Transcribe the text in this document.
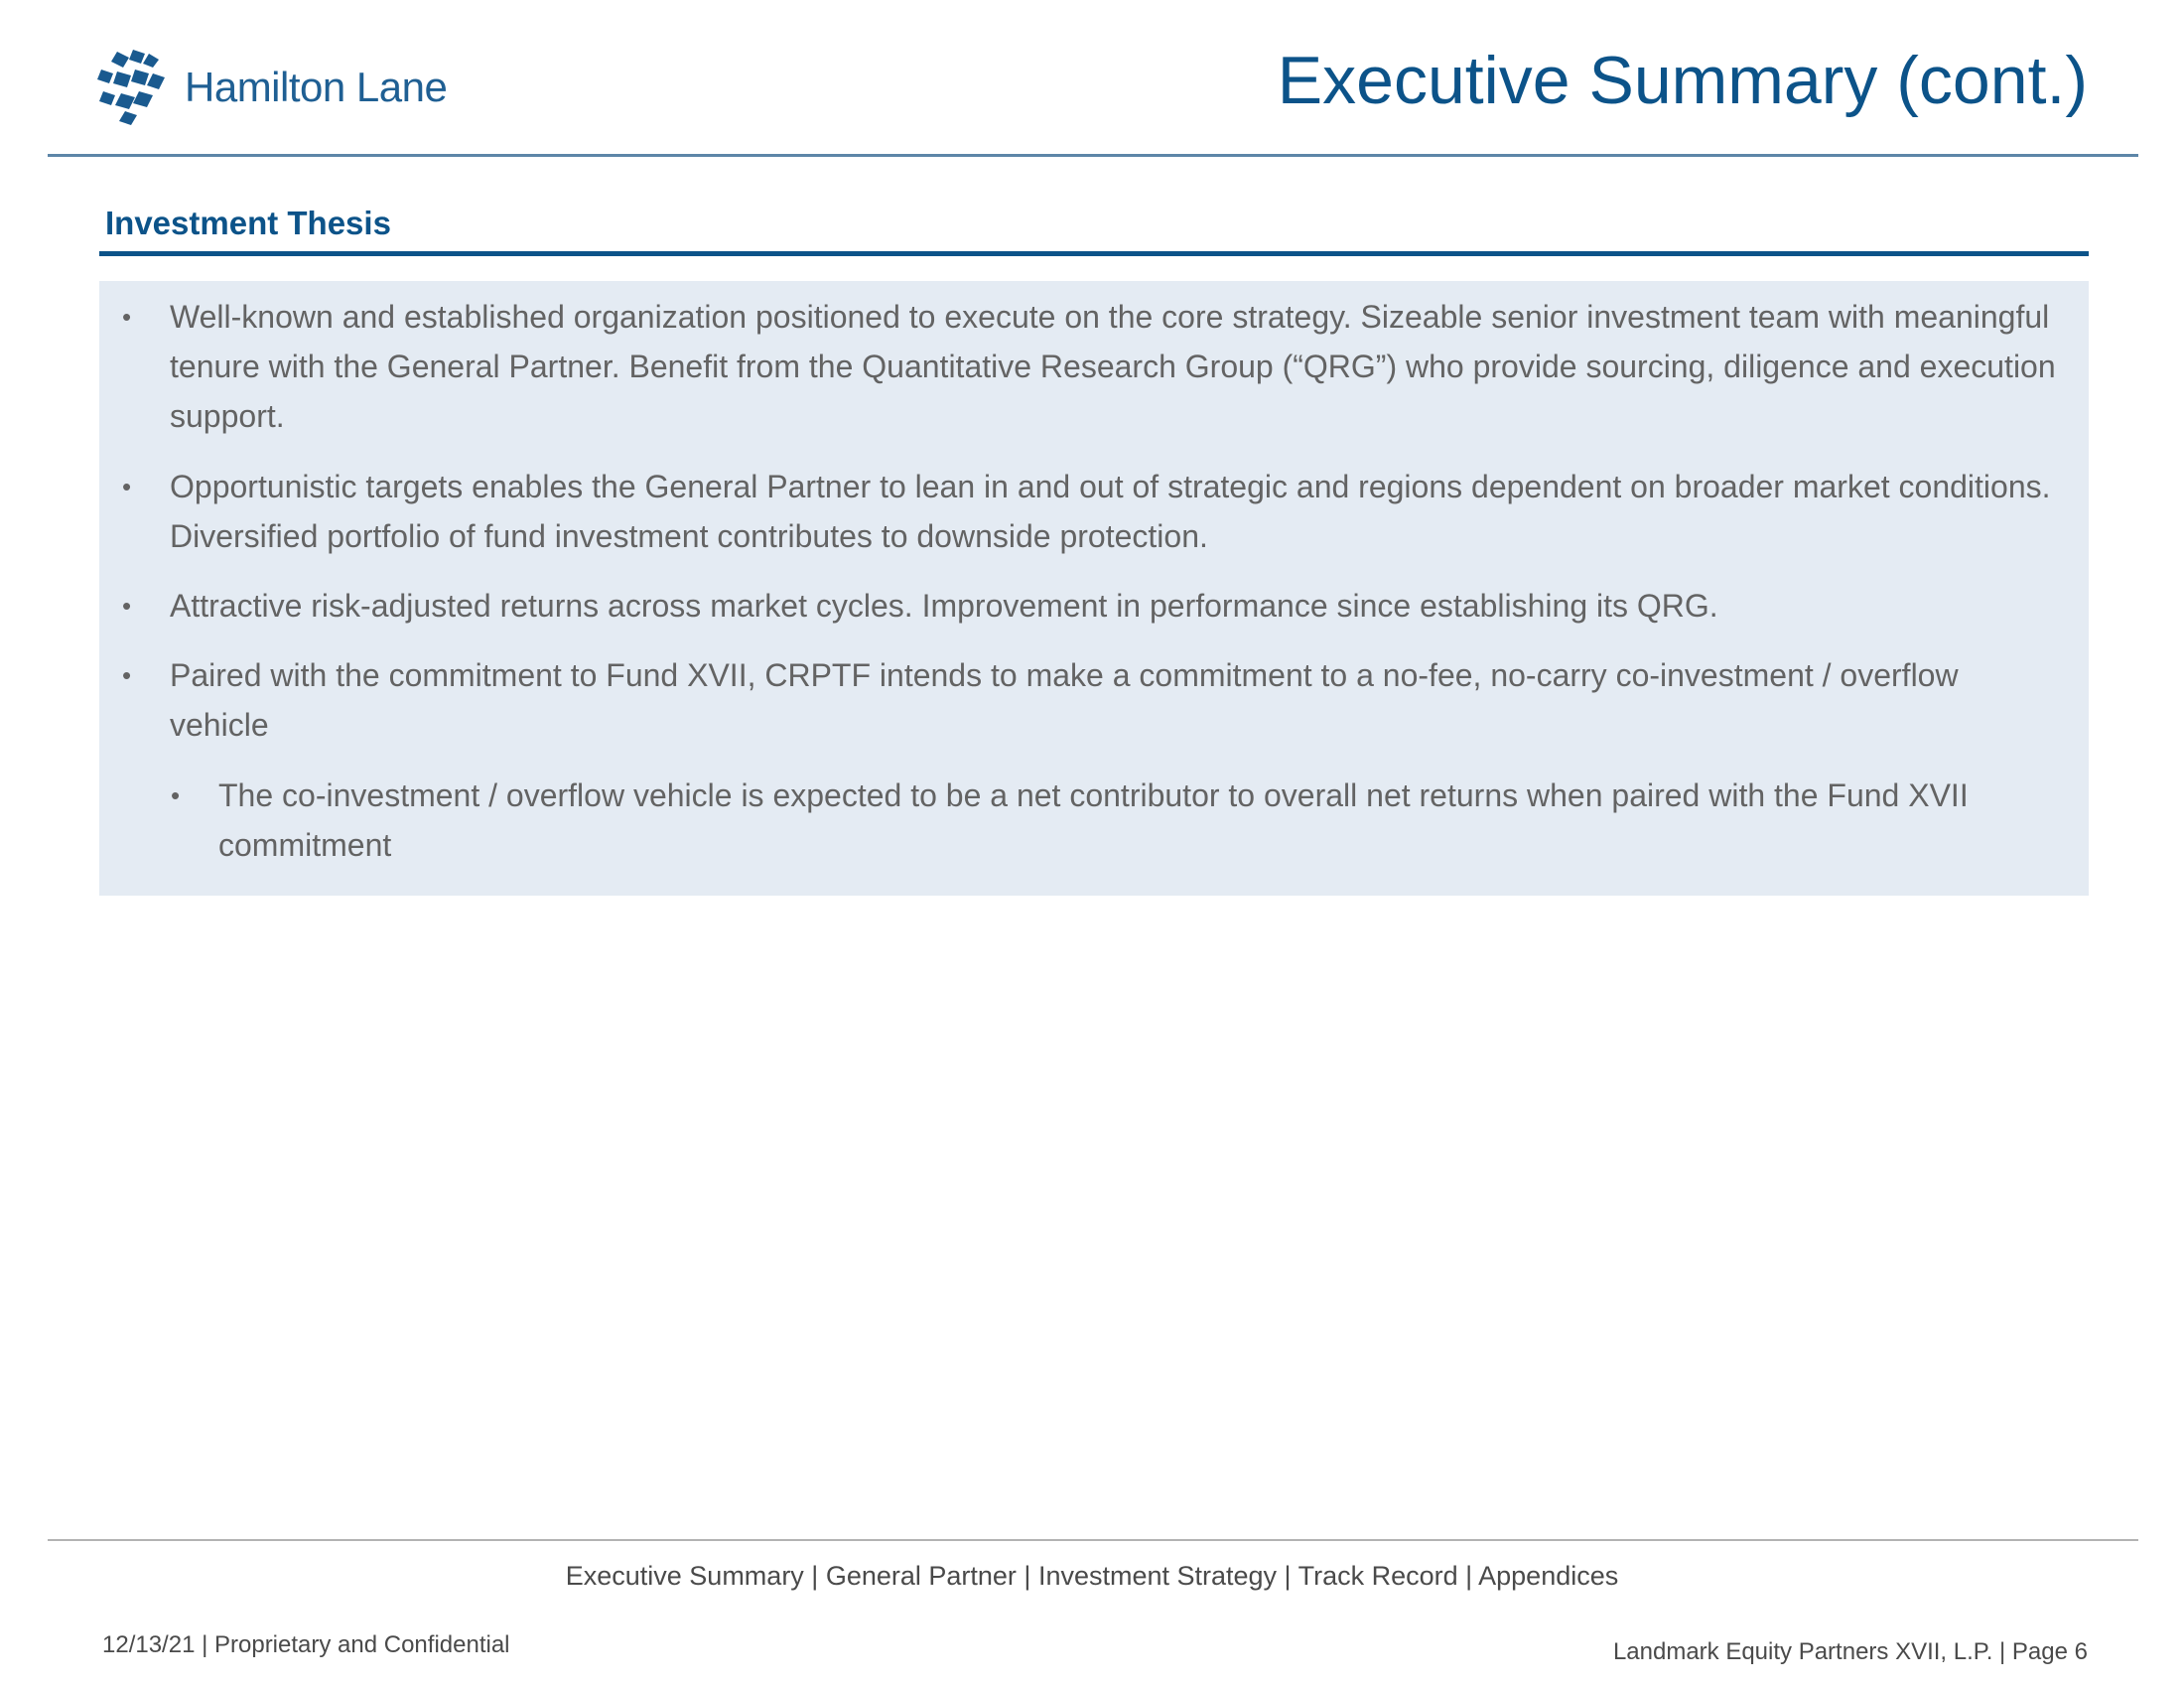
Hamilton Lane	Executive Summary (cont.)
Investment Thesis
• Well-known and established organization positioned to execute on the core strategy. Sizeable senior investment team with meaningful tenure with the General Partner. Benefit from the Quantitative Research Group (“QRG”) who provide sourcing, diligence and execution support.
• Opportunistic targets enables the General Partner to lean in and out of strategic and regions dependent on broader market conditions. Diversified portfolio of fund investment contributes to downside protection.
• Attractive risk-adjusted returns across market cycles. Improvement in performance since establishing its QRG.
• Paired with the commitment to Fund XVII, CRPTF intends to make a commitment to a no-fee, no-carry co-investment / overflow vehicle
• The co-investment / overflow vehicle is expected to be a net contributor to overall net returns when paired with the Fund XVII commitment
Executive Summary | General Partner | Investment Strategy | Track Record | Appendices
12/13/21 | Proprietary and Confidential	Landmark Equity Partners XVII, L.P. | Page 6
